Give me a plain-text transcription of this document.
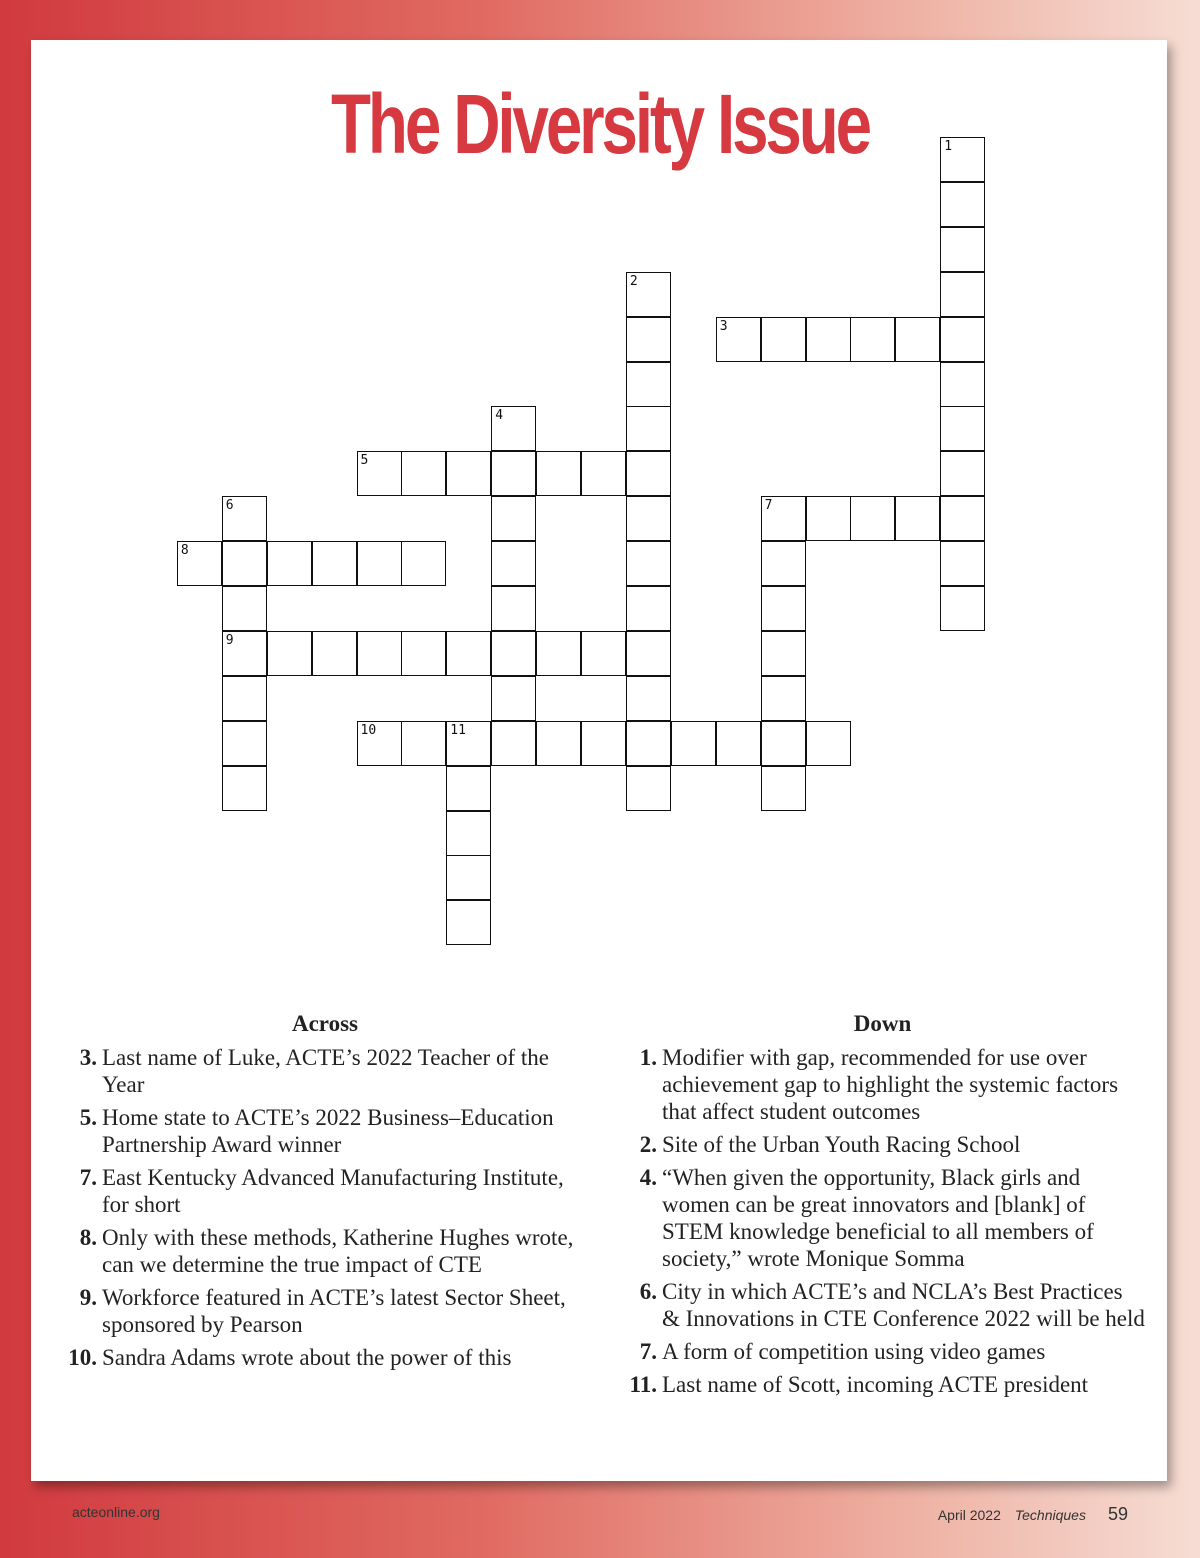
The Diversity Issue	1
2
3
4
5
6
9
7
8
10	11
Across
3. Last name of Luke, ACTE’s 2022 Teacher of the Year
5. Home state to ACTE’s 2022 Business–Education Partnership Award winner
7. East Kentucky Advanced Manufacturing Institute, for short
8. Only with these methods, Katherine Hughes wrote, can we determine the true impact of CTE
9. Workforce featured in ACTE’s latest Sector Sheet, sponsored by Pearson
10. Sandra Adams wrote about the power of this
Down
1. Modifier with gap, recommended for use over achievement gap to highlight the systemic factors that affect student outcomes
2. Site of the Urban Youth Racing School
4. “When given the opportunity, Black girls and women can be great innovators and [blank] of STEM knowledge beneficial to all members of society,” wrote Monique Somma
6. City in which ACTE’s and NCLA’s Best Practices & Innovations in CTE Conference 2022 will be held
7. A form of competition using video games
11. Last name of Scott, incoming ACTE president
acteonline.org	April 2022 Techniques 59
